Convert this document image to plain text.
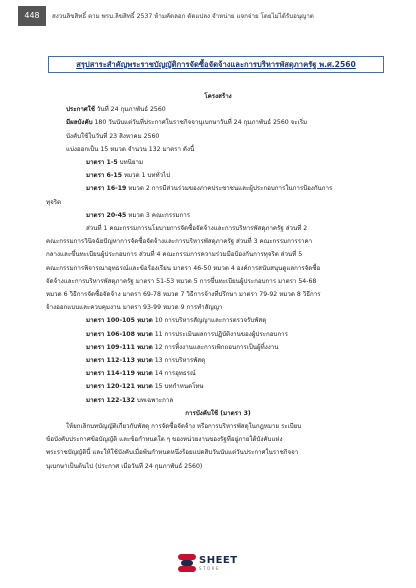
448	สงวนลิขสิทธิ์ ตาม พรบ.ลิขสิทธิ์ 2537 ห้ามคัดลอก ดัดแปลง จำหน่าย แจกจ่าย โดยไม่ได้รับอนุญาต
สรุปสาระสำคัญพระราชบัญญัติการจัดซื้อจัดจ้างและการบริหารพัสดุภาครัฐ พ.ศ.2560
โครงสร้าง
ประกาศใช้ วันที่ 24 กุมภาพันธ์ 2560
มีผลบังคับ 180 วันนับแต่วันที่ประกาศในราชกิจจานุเบกษาวันที่ 24 กุมภาพันธ์ 2560 จะเริ่ม
บังคับใช้ในวันที่ 23 สิงหาคม 2560
แบ่งออกเป็น 15 หมวด จำนวน 132 มาตรา ดังนี้
มาตรา 1-5 บทนิยาม
มาตรา 6-15 หมวด 1 บททั่วไป
มาตรา 16-19 หมวด 2 การมีส่วนร่วมของภาคประชาชนและผู้ประกอบการในการป้องกันการ
ทุจริต
มาตรา 20-45 หมวด 3 คณะกรรมการ
ส่วนที่ 1 คณะกรรมการนโยบายการจัดซื้อจัดจ้างและการบริหารพัสดุภาครัฐ ส่วนที่ 2
คณะกรรมการวินิจฉัยปัญหาการจัดซื้อจัดจ้างและการบริหารพัสดุภาครัฐ ส่วนที่ 3 คณะกรรมการราคา
กลางและขึ้นทะเบียนผู้ประกอบการ ส่วนที่ 4 คณะกรรมการความร่วมมือป้องกันการทุจริต ส่วนที่ 5
คณะกรรมการพิจารณาอุทธรณ์และข้อร้องเรียน มาตรา 46-50 หมวด 4 องค์การสนับสนุนดูแลการจัดซื้อ
จัดจ้างและการบริหารพัสดุภาครัฐ มาตรา 51-53 หมวด 5 การขึ้นทะเบียนผู้ประกอบการ มาตรา 54-68
หมวด 6 วิธีการจัดซื้อจัดจ้าง มาตรา 69-78 หมวด 7 วิธีการจ้างที่ปรึกษา มาตรา 79-92 หมวด 8 วิธีการ
จ้างออกแบบและควบคุมงาน มาตรา 93-99 หมวด 9 การทำสัญญา
มาตรา 100-105 หมวด 10 การบริหารสัญญาและการตรวจรับพัสดุ
มาตรา 106-108 หมวด 11 การประเมินผลการปฏิบัติงานของผู้ประกอบการ
มาตรา 109-111 หมวด 12 การทิ้งงานและการเพิกถอนการเป็นผู้ทิ้งงาน
มาตรา 112-113 หมวด 13 การบริหารพัสดุ
มาตรา 114-119 หมวด 14 การอุทธรณ์
มาตรา 120-121 หมวด 15 บทกำหนดโทษ
มาตรา 122-132 บทเฉพาะกาล
การบังคับใช้ (มาตรา 3)
ให้ยกเลิกบทบัญญัติเกี่ยวกับพัสดุ การจัดซื้อจัดจ้าง หรือการบริหารพัสดุในกฎหมาย ระเบียบ
ข้อบังคับประกาศข้อบัญญัติ และข้อกำหนดใด ๆ ของหน่วยงานของรัฐที่อยู่ภายใต้บังคับแห่ง
พระราชบัญญัตินี้ และให้ใช้บังคับเมื่อพ้นกำหนดหนึ่งร้อยแปดสิบวันนับแต่วันประกาศในราชกิจจา
นุเบกษาเป็นต้นไป (ประกาศ เมื่อวันที่ 24 กุมภาพันธ์ 2560)
SHEET
STORE
